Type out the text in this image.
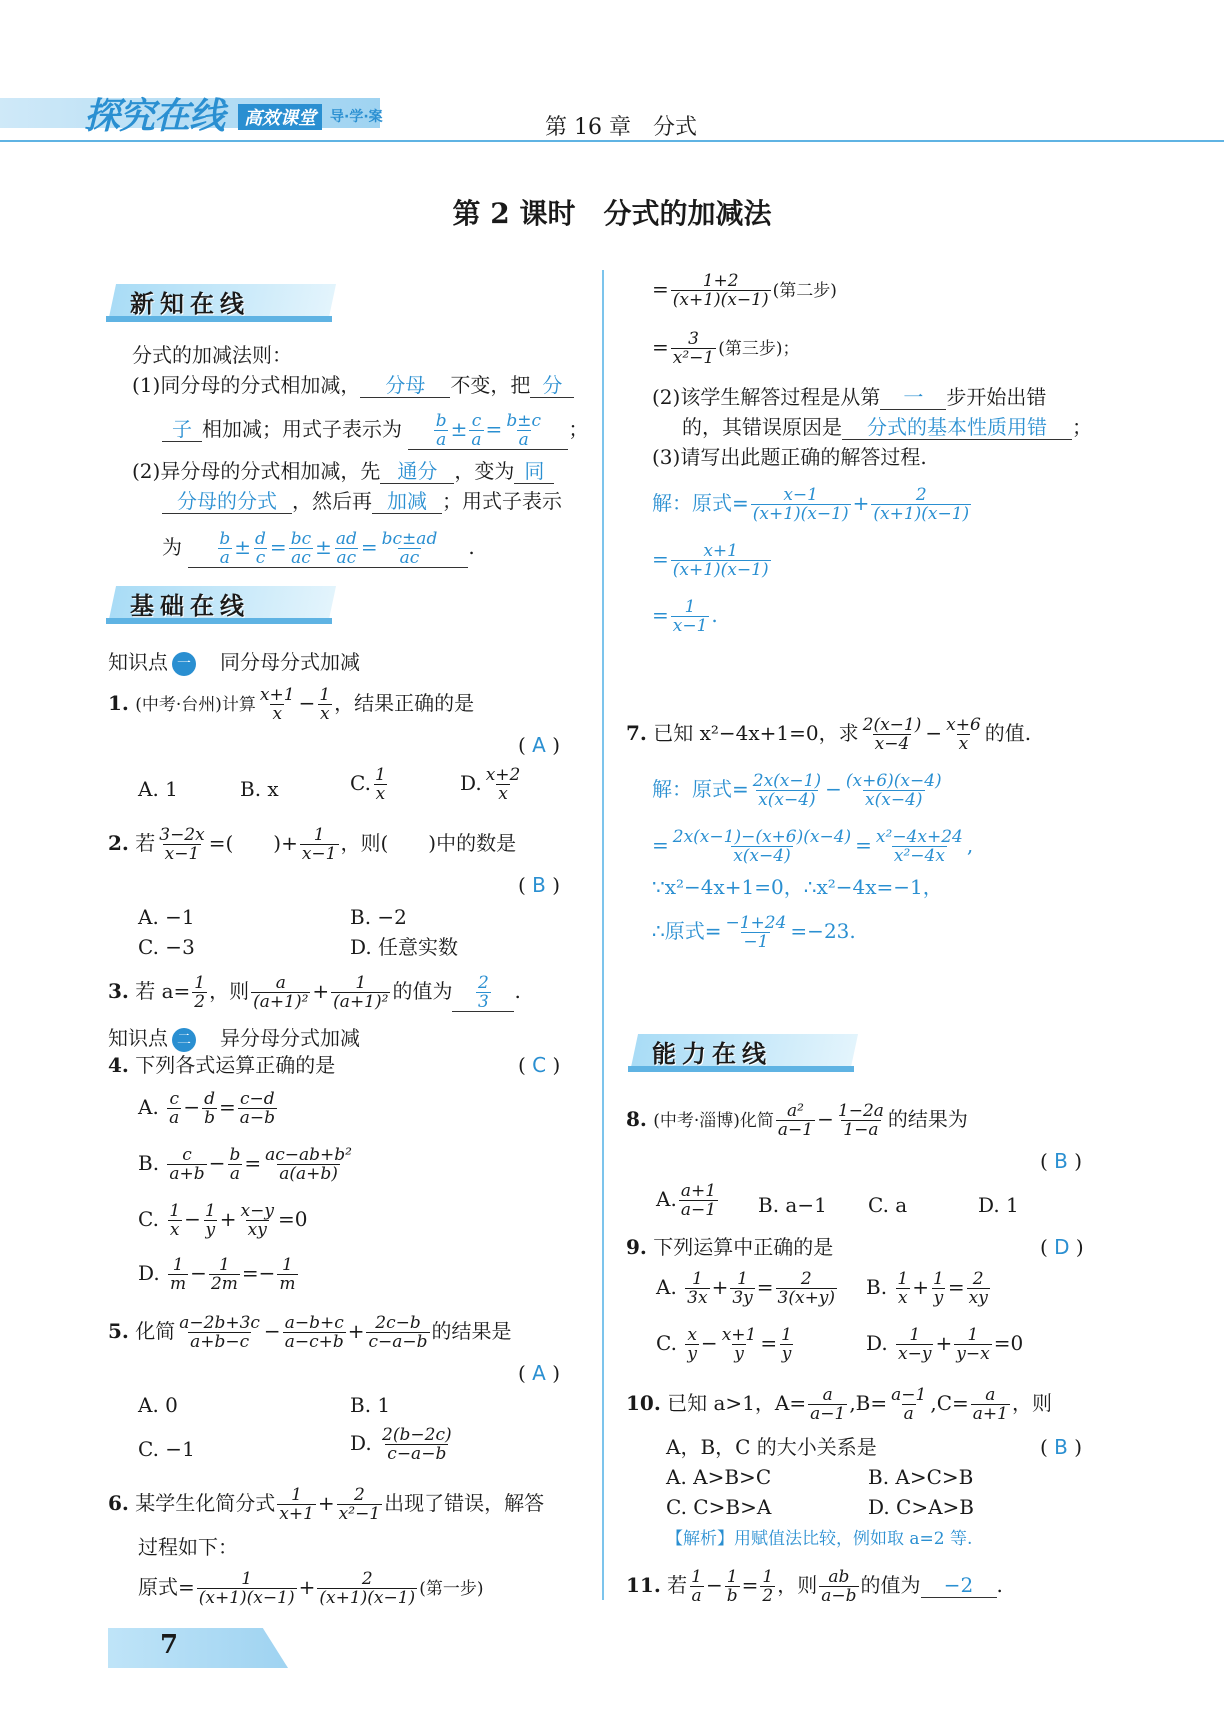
探究在线	高效课堂	导·学·案	第 16 章　分式
第 2 课时　分式的加减法
新知在线
分式的加减法则：
(1)同分母的分式相加减， 分母 不变，把 分
子 相加减；用式子表示为 $\frac{b}{a} \pm \frac{c}{a} = \frac{b\pm c}{a}$ ；
(2)异分母的分式相加减，先 通分 ，变为 同
分母的分式 ，然后再 加减 ；用式子表示
为 $\frac{b}{a} \pm \frac{d}{c} = \frac{bc}{ac} \pm \frac{ad}{ac} = \frac{bc\pm ad}{ac}$ .
基础在线
知识点 一　 同分母分式加减
1. (中考·台州)计算 $\frac{x+1}{x} - \frac{1}{x}$ ，结果正确的是
( A )
A. 1	B. x	C. $\frac{1}{x}$	D. $\frac{x+2}{x}$
2. 若 $\frac{3-2x}{x-1}$ =(　　)+ $\frac{1}{x-1}$ ，则(　　)中的数是
( B )
A. −1	B. −2
C. −3	D. 任意实数
3. 若 $a= \frac{1}{2}$ ，则 $\frac{a}{\text{(a+1)²}} + \frac{1}{\text{(a+1)²}}$ 的值为 $\frac{2}{3}$ .
知识点 二　 异分母分式加减
4. 下列各式运算正确的是	( C )
A. $\frac{c}{a} - \frac{d}{b} = \frac{c-d}{a-b}$
B. $\frac{c}{a+b} - \frac{b}{a} = \frac{\text{ac−ab+b²}}{a(a+b)}$
C. $\frac{1}{x} - \frac{1}{y} + \frac{x-y}{xy} =0$
D. $\frac{1}{m} - \frac{1}{2m} =- \frac{1}{m}$
5. 化简 $\frac{a-2b+3c}{a+b-c} - \frac{a-b+c}{a-c+b} + \frac{2c-b}{c-a-b}$ 的结果是
( A )
A. 0	B. 1
C. −1	D. $\frac{2(b-2c)}{c-a-b}$
6. 某学生化简分式 $\frac{1}{x+1} + \frac{2}{\text{x²−1}}$ 出现了错误，解答
过程如下：
原式= $\frac{1}{(x+1)(x-1)} + \frac{2}{(x+1)(x-1)}$ (第一步)
= $\frac{1+2}{(x+1)(x-1)}$ (第二步)
= $\frac{3}{\text{x²−1}}$ (第三步)；
(2)该学生解答过程是从第 一 步开始出错
的，其错误原因是 分式的基本性质用错 ；
(3)请写出此题正确的解答过程.
解：原式= $\frac{x-1}{(x+1)(x-1)} + \frac{2}{(x+1)(x-1)}$
= $\frac{x+1}{(x+1)(x-1)}$
= $\frac{1}{x-1}$ .
7. 已知 x²−4x+1=0，求 $\frac{2(x-1)}{x-4} - \frac{x+6}{x}$ 的值.
解：原式= $\frac{2x(x-1)}{x(x-4)} - \frac{(x+6)(x-4)}{x(x-4)}$
= $\frac{2x(x-1)-(x+6)(x-4)}{x(x-4)} = \frac{\text{x²−4x+24}}{\text{x²−4x}}$ ,
∵x²−4x+1=0，∴x²−4x=−1，
∴原式= $\frac{-1+24}{-1} =-23$.
能力在线
8. (中考·淄博)化简 $\frac{\text{a²}}{a-1} - \frac{1-2a}{1-a}$ 的结果为
( B )
A. $\frac{a+1}{a-1} B$. a−1 C. a	D. 1
9. 下列运算中正确的是	( D )
A. $\frac{1}{3x} + \frac{1}{3y} = \frac{2}{3(x+y)} B$. $\frac{1}{x} + \frac{1}{y} = \frac{2}{xy}$
C. $\frac{x}{y} - \frac{x+1}{y} = \frac{1}{y}$	D. $\frac{1}{x-y} + \frac{1}{y-x} =0$
10. 已知 a>1，$A= \frac{a}{a-1} ,B= \frac{a-1}{a} ,C= \frac{a}{a+1}$ ，则
A，B，C 的大小关系是	( B )
A. A>B>C	B. A>C>B
C. C>B>A	D. C>A>B
【解析】用赋值法比较，例如取 a=2 等.
11. 若 $\frac{1}{a} - \frac{1}{b} = \frac{1}{2}$ ，则 $\frac{ab}{a-b}$ 的值为 −2 .
7
